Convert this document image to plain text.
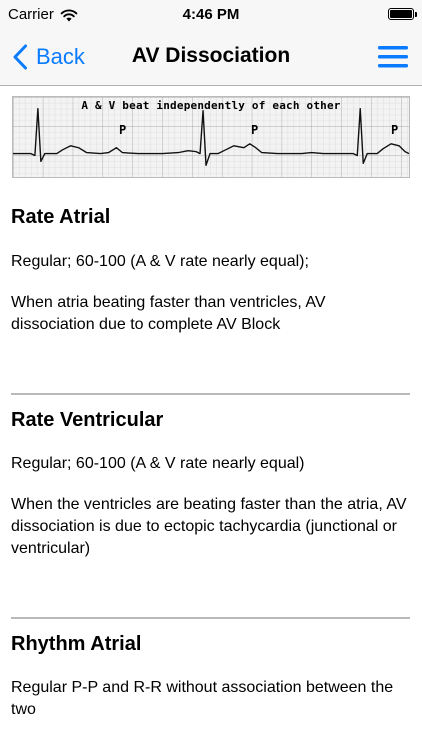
Carrier	4:46 PM
Back	AV Dissociation
A & V beat independently of each other
P	P	P
Rate Atrial

Regular; 60-100 (A & V rate nearly equal);

When atria beating faster than ventricles, AV dissociation due to complete AV Block

Rate Ventricular

Regular; 60-100 (A & V rate nearly equal)

When the ventricles are beating faster than the atria, AV dissociation is due to ectopic tachycardia (junctional or ventricular)

Rhythm Atrial

Regular P-P and R-R without association between the two
